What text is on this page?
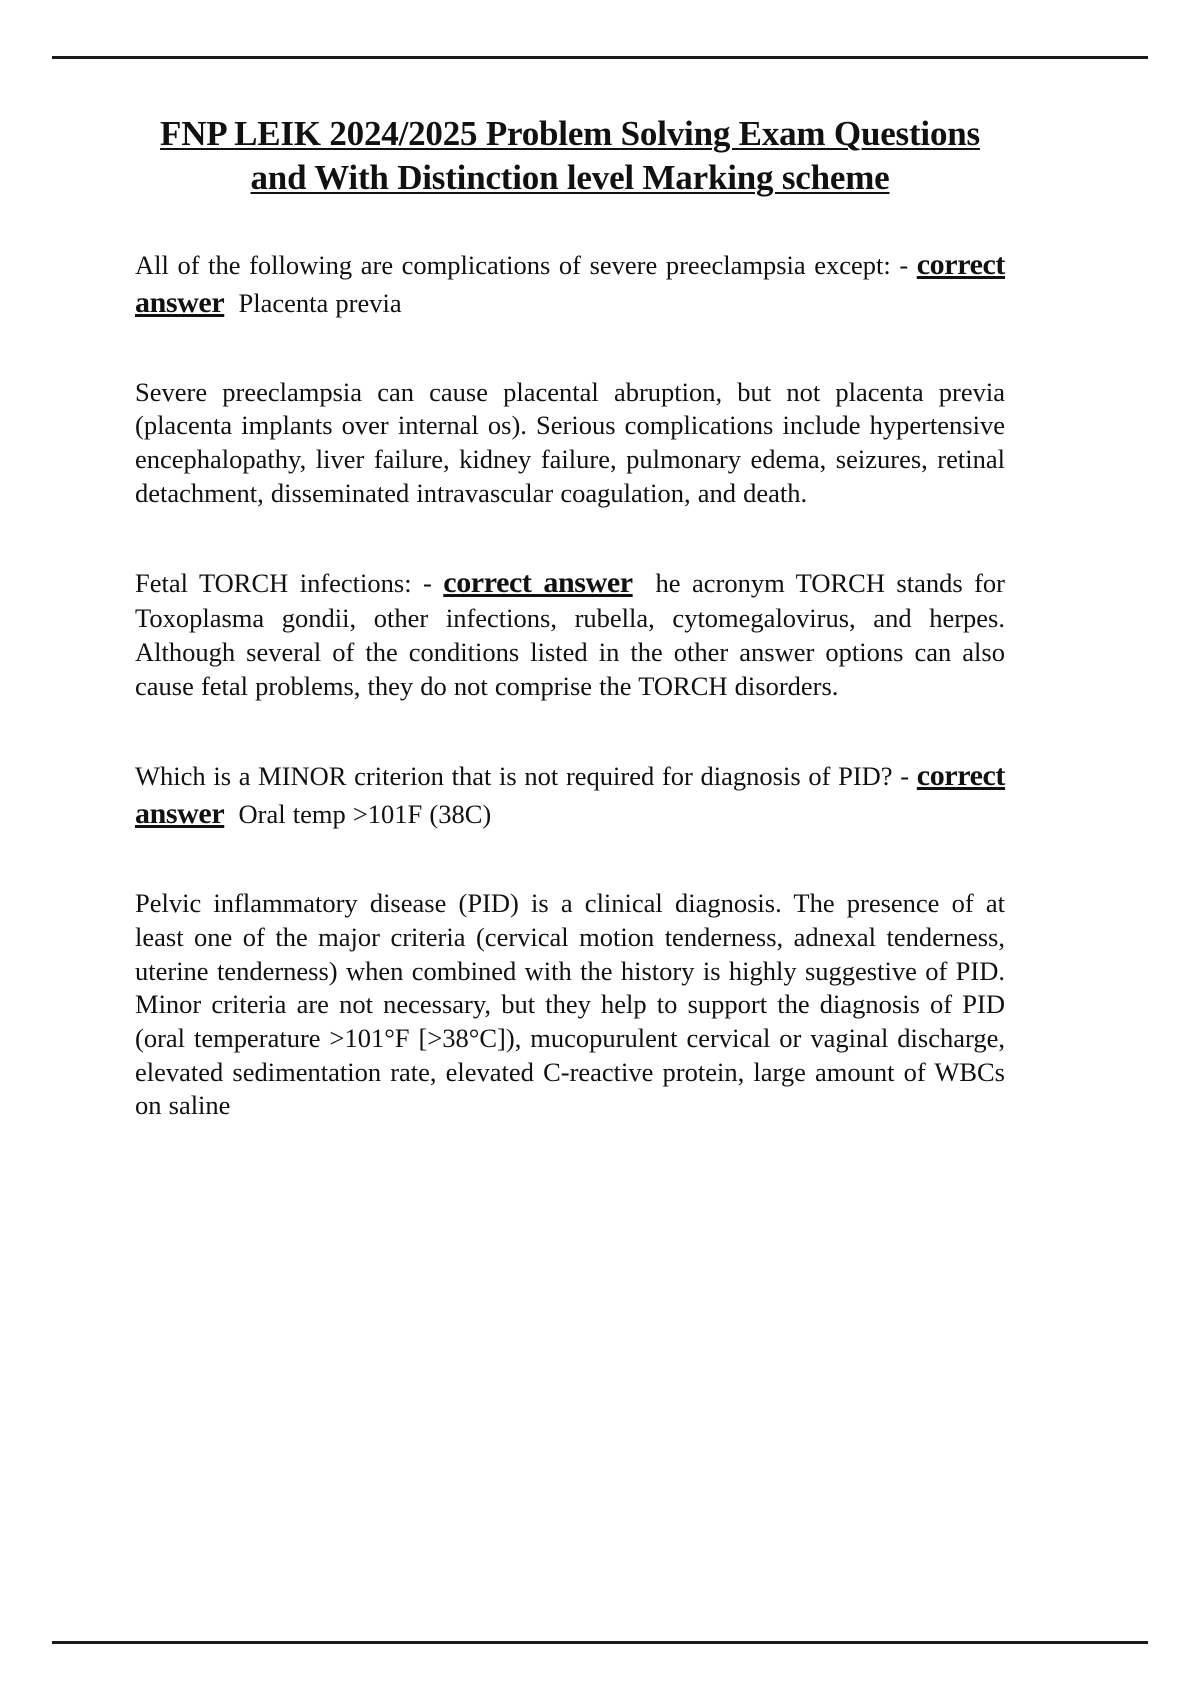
FNP LEIK 2024/2025 Problem Solving Exam Questions and With Distinction level Marking scheme

All of the following are complications of severe preeclampsia except: - correct answer Placenta previa

Severe preeclampsia can cause placental abruption, but not placenta previa (placenta implants over internal os). Serious complications include hypertensive encephalopathy, liver failure, kidney failure, pulmonary edema, seizures, retinal detachment, disseminated intravascular coagulation, and death.

Fetal TORCH infections: - correct answer he acronym TORCH stands for Toxoplasma gondii, other infections, rubella, cytomegalovirus, and herpes. Although several of the conditions listed in the other answer options can also cause fetal problems, they do not comprise the TORCH disorders.

Which is a MINOR criterion that is not required for diagnosis of PID? - correct answer Oral temp >101F (38C)

Pelvic inflammatory disease (PID) is a clinical diagnosis. The presence of at least one of the major criteria (cervical motion tenderness, adnexal tenderness, uterine tenderness) when combined with the history is highly suggestive of PID. Minor criteria are not necessary, but they help to support the diagnosis of PID (oral temperature >101°F [>38°C]), mucopurulent cervical or vaginal discharge, elevated sedimentation rate, elevated C-reactive protein, large amount of WBCs on saline
